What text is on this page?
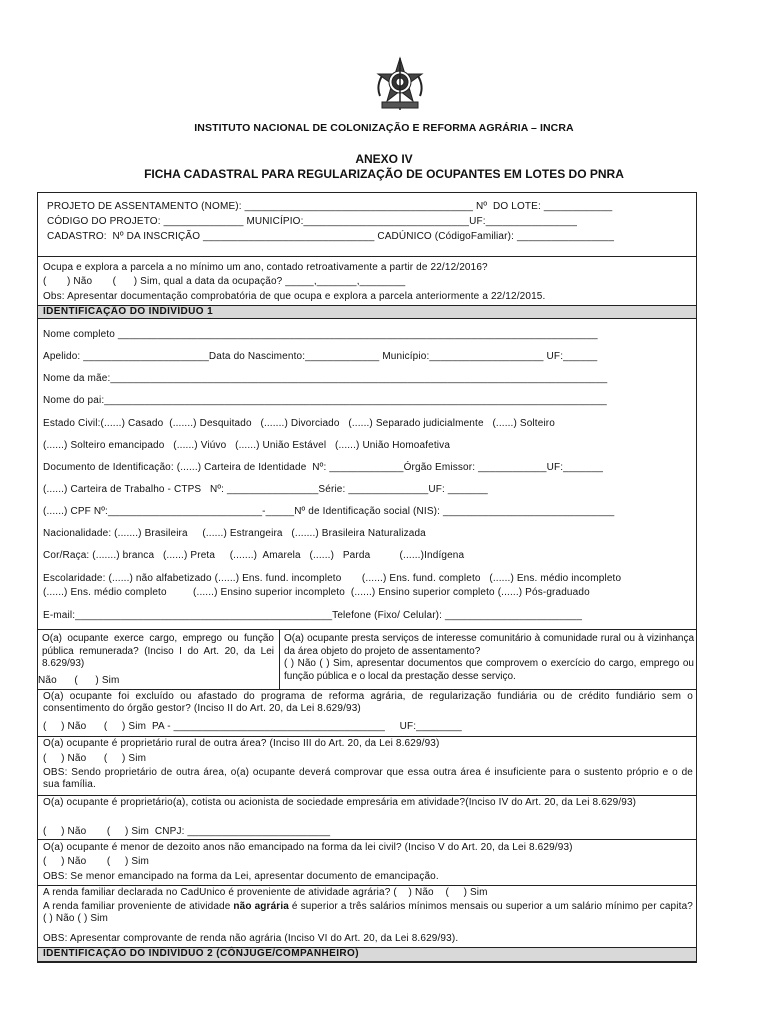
INSTITUTO NACIONAL DE COLONIZAÇÃO E REFORMA AGRÁRIA – INCRA
ANEXO IV
FICHA CADASTRAL PARA REGULARIZAÇÃO DE OCUPANTES EM LOTES DO PNRA
PROJETO DE ASSENTAMENTO (NOME): ________________________________________ Nº  DO LOTE: ____________
CÓDIGO DO PROJETO: ______________ MUNICÍPIO:_____________________________UF:________________
CADASTRO:  Nº DA INSCRIÇÃO ______________________________ CADÚNICO (CódigoFamiliar): _________________
Ocupa e explora a parcela a no mínimo um ano, contado retroativamente a partir de 22/12/2016?
(       ) Não       (      ) Sim, qual a data da ocupação? _____,_______,________
Obs: Apresentar documentação comprobatória de que ocupa e explora a parcela anteriormente a 22/12/2015.
IDENTIFICAÇÃO DO INDIVÍDUO 1
Nome completo ____________________________________________________________________________________
Apelido: ______________________Data do Nascimento:_____________ Município:____________________ UF:______
Nome da mãe:_______________________________________________________________________________________
Nome do pai:________________________________________________________________________________________
Estado Civil:(......) Casado  (.......) Desquitado   (.......) Divorciado   (......) Separado judicialmente   (......) Solteiro
(......) Solteiro emancipado   (......) Viúvo   (......) União Estável   (......) União Homoafetiva
Documento de Identificação: (......) Carteira de Identidade  Nº: _____________Órgão Emissor: ____________UF:_______
(......) Carteira de Trabalho - CTPS   Nº: ________________Série: ______________UF: _______
(......) CPF Nº:___________________________-_____Nº de Identificação social (NIS): ______________________________
Nacionalidade: (.......) Brasileira     (......) Estrangeira   (.......) Brasileira Naturalizada
Cor/Raça: (.......) branca   (......) Preta     (.......)  Amarela   (......)   Parda          (......)Indígena
Escolaridade: (......) não alfabetizado (......) Ens. fund. incompleto       (......) Ens. fund. completo   (......) Ens. médio incompleto
(......) Ens. médio completo         (......) Ensino superior incompleto  (......) Ensino superior completo (......) Pós-graduado
E-mail:_____________________________________________Telefone (Fixo/ Celular): ________________________
O(a) ocupante exerce cargo, emprego ou função pública remunerada? (Inciso I do Art. 20, da Lei 8.629/93)
Não      (      ) Sim
O(a) ocupante presta serviços de interesse comunitário à comunidade rural ou à vizinhança da área objeto do projeto de assentamento?
( ) Não ( ) Sim, apresentar documentos que comprovem o exercício do cargo, emprego ou função pública e o local da prestação desse serviço.
O(a) ocupante foi excluído ou afastado do programa de reforma agrária, de regularização fundiária ou de crédito fundiário sem o consentimento do órgão gestor? (Inciso II do Art. 20, da Lei 8.629/93)
(     ) Não      (     ) Sim  PA - _____________________________________     UF:________
O(a) ocupante é proprietário rural de outra área? (Inciso III do Art. 20, da Lei 8.629/93)
(     ) Não      (     ) Sim
OBS: Sendo proprietário de outra área, o(a) ocupante deverá comprovar que essa outra área é insuficiente para o sustento próprio e o de sua família.
O(a) ocupante é proprietário(a), cotista ou acionista de sociedade empresária em atividade?(Inciso IV do Art. 20, da Lei 8.629/93)
(     ) Não       (     ) Sim  CNPJ: _________________________
O(a) ocupante é menor de dezoito anos não emancipado na forma da lei civil? (Inciso V do Art. 20, da Lei 8.629/93)
(     ) Não       (     ) Sim
OBS: Se menor emancipado na forma da Lei, apresentar documento de emancipação.
A renda familiar declarada no CadUnico é proveniente de atividade agrária? (    ) Não    (     ) Sim
A renda familiar proveniente de atividade não agrária é superior a três salários mínimos mensais ou superior a um salário mínimo per capita? ( ) Não ( ) Sim
OBS: Apresentar comprovante de renda não agrária (Inciso VI do Art. 20, da Lei 8.629/93).
IDENTIFICAÇÃO DO INDIVÍDUO 2 (CÔNJUGE/COMPANHEIRO)
